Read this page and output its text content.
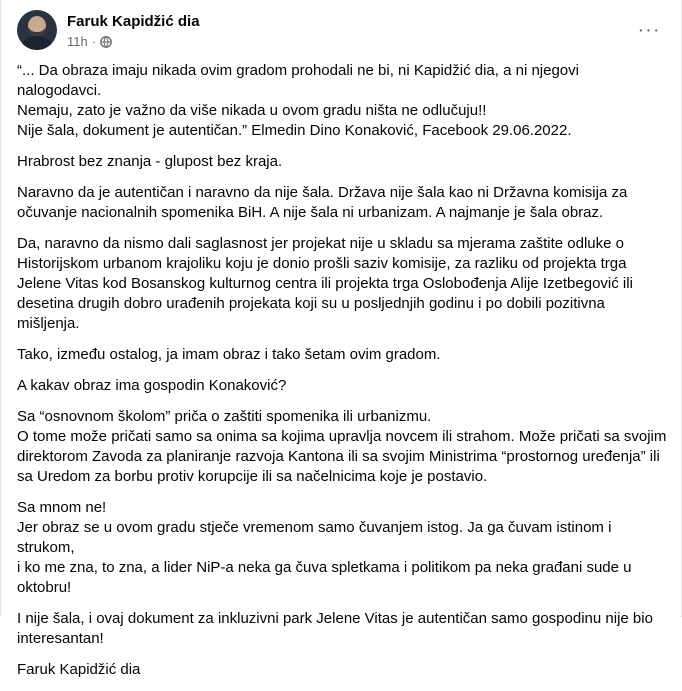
Faruk Kapidžić dia
11h ·
···

“... Da obraza imaju nikada ovim gradom prohodali ne bi, ni Kapidžić dia, a ni njegovi nalogodavci.
Nemaju, zato je važno da više nikada u ovom gradu ništa ne odlučuju!!
Nije šala, dokument je autentičan.” Elmedin Dino Konaković, Facebook 29.06.2022.

Hrabrost bez znanja - glupost bez kraja.

Naravno da je autentičan i naravno da nije šala. Država nije šala kao ni Državna komisija za
očuvanje nacionalnih spomenika BiH. A nije šala ni urbanizam. A najmanje je šala obraz.

Da, naravno da nismo dali saglasnost jer projekat nije u skladu sa mjerama zaštite odluke o
Historijskom urbanom krajoliku koju je donio prošli saziv komisije, za razliku od projekta trga
Jelene Vitas kod Bosanskog kulturnog centra ili projekta trga Oslobođenja Alije Izetbegović ili
desetina drugih dobro urađenih projekata koji su u posljednjih godinu i po dobili pozitivna
mišljenja.

Tako, između ostalog, ja imam obraz i tako šetam ovim gradom.

A kakav obraz ima gospodin Konaković?

Sa “osnovnom školom” priča o zaštiti spomenika ili urbanizmu.
O tome može pričati samo sa onima sa kojima upravlja novcem ili strahom. Može pričati sa svojim
direktorom Zavoda za planiranje razvoja Kantona ili sa svojim Ministrima “prostornog uređenja” ili
sa Uredom za borbu protiv korupcije ili sa načelnicima koje je postavio.

Sa mnom ne!
Jer obraz se u ovom gradu stječe vremenom samo čuvanjem istog. Ja ga čuvam istinom i strukom,
i ko me zna, to zna, a lider NiP-a neka ga čuva spletkama i politikom pa neka građani sude u
oktobru!

I nije šala, i ovaj dokument za inkluzivni park Jelene Vitas je autentičan samo gospodinu nije bio
interesantan!

Faruk Kapidžić dia
